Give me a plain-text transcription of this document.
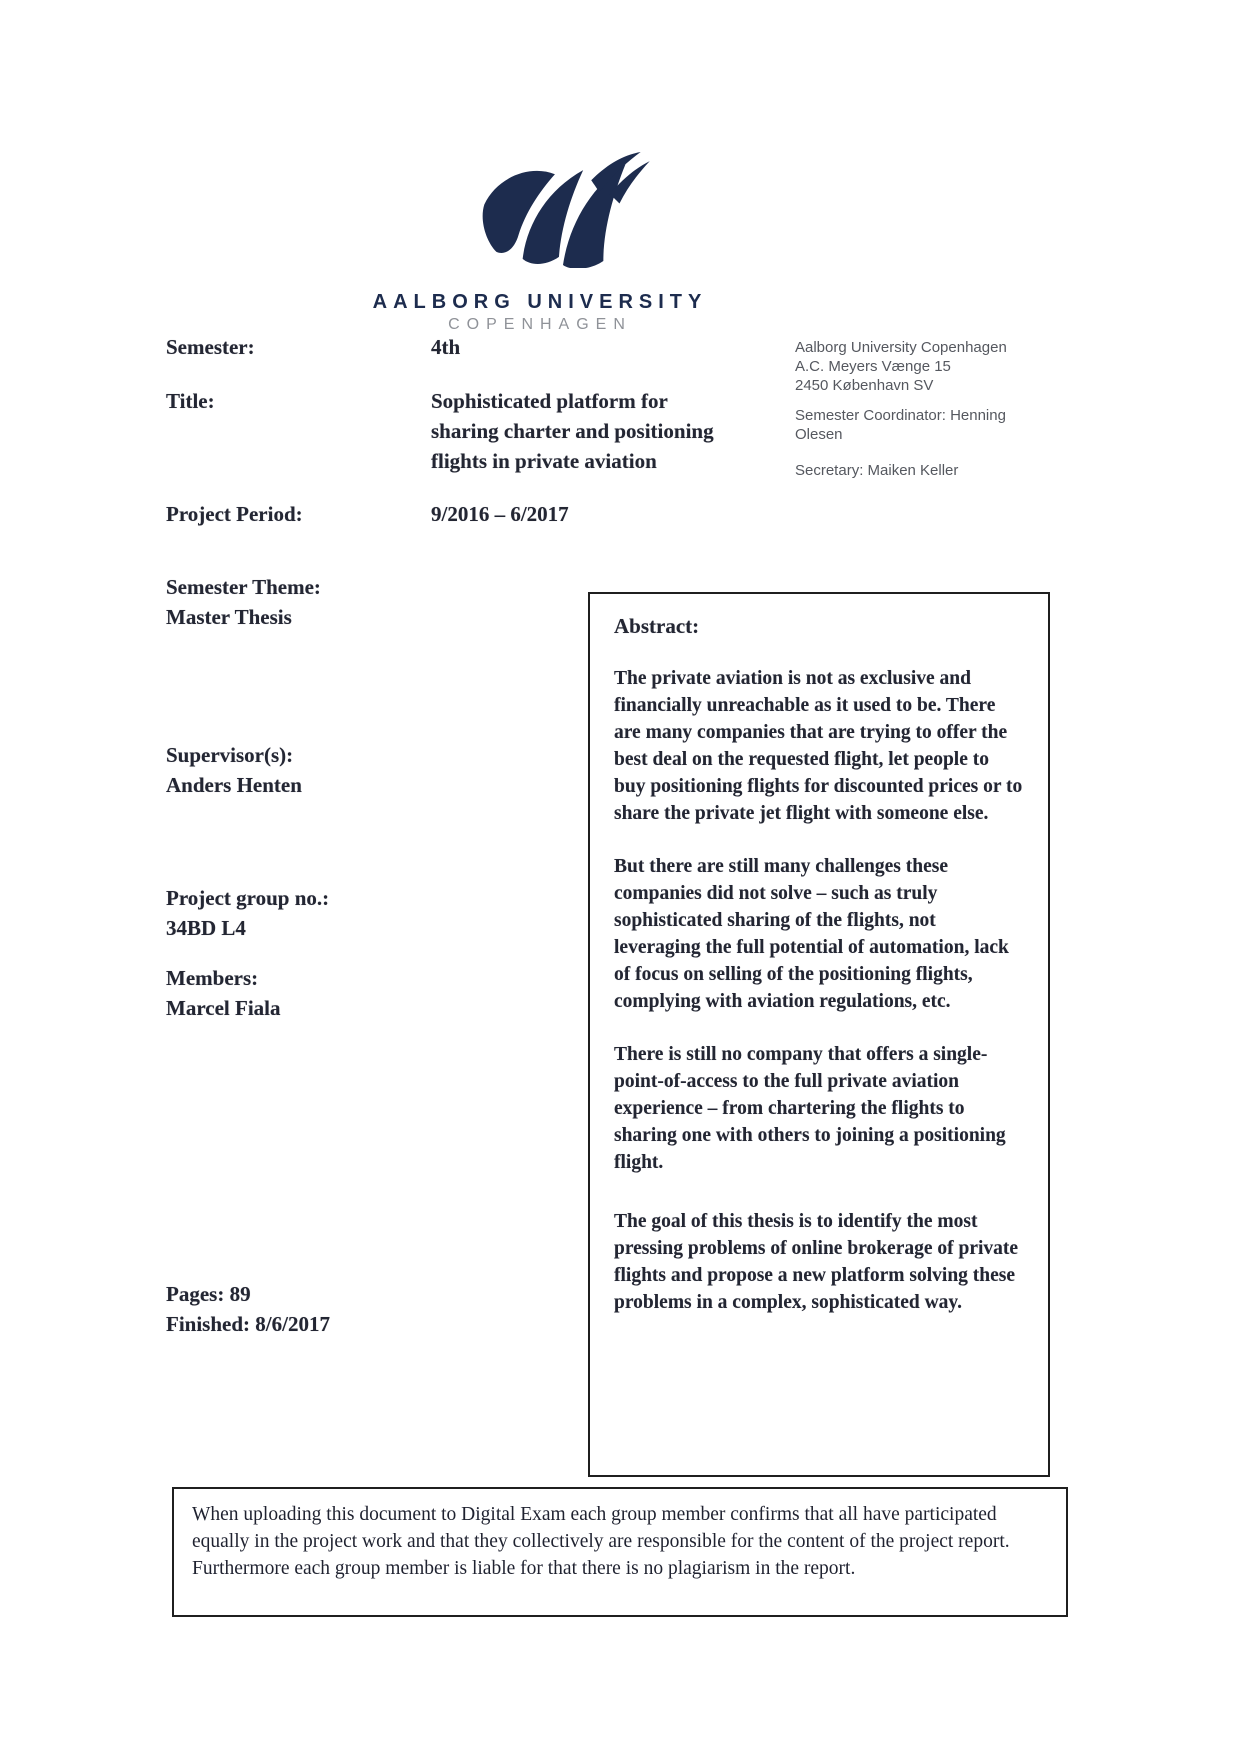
AALBORG UNIVERSITY
COPENHAGEN
Semester:	4th
Title:	Sophisticated platform for sharing charter and positioning flights in private aviation
Project Period:	9/2016 – 6/2017
Semester Theme:
Master Thesis
Supervisor(s):
Anders Henten
Project group no.:
34BD L4
Members:
Marcel Fiala
Pages: 89
Finished: 8/6/2017
Aalborg University Copenhagen
A.C. Meyers Vænge 15
2450 København SV
Semester Coordinator: Henning Olesen
Secretary: Maiken Keller
Abstract:

The private aviation is not as exclusive and financially unreachable as it used to be. There are many companies that are trying to offer the best deal on the requested flight, let people to buy positioning flights for discounted prices or to share the private jet flight with someone else.

But there are still many challenges these companies did not solve – such as truly sophisticated sharing of the flights, not leveraging the full potential of automation, lack of focus on selling of the positioning flights, complying with aviation regulations, etc.

There is still no company that offers a single-point-of-access to the full private aviation experience – from chartering the flights to sharing one with others to joining a positioning flight.

The goal of this thesis is to identify the most pressing problems of online brokerage of private flights and propose a new platform solving these problems in a complex, sophisticated way.

When uploading this document to Digital Exam each group member confirms that all have participated equally in the project work and that they collectively are responsible for the content of the project report. Furthermore each group member is liable for that there is no plagiarism in the report.
